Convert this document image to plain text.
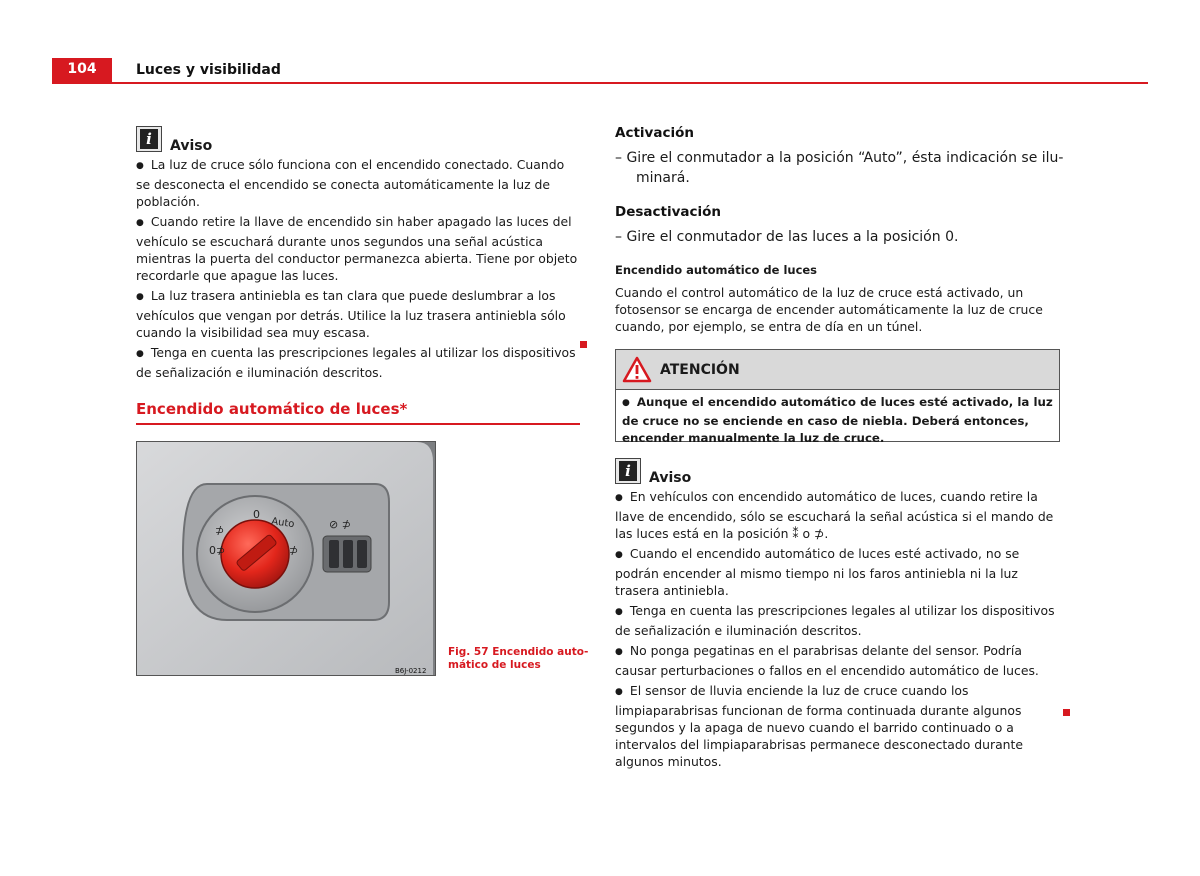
104	Luces y visibilidad
i	Aviso
● La luz de cruce sólo funciona con el encendido conectado. Cuando se desconecta el encendido se conecta automáticamente la luz de población.
● Cuando retire la llave de encendido sin haber apagado las luces del vehículo se escuchará durante unos segundos una señal acústica mientras la puerta del conductor permanezca abierta. Tiene por objeto recordarle que apague las luces.
● La luz trasera antiniebla es tan clara que puede deslumbrar a los vehículos que vengan por detrás. Utilice la luz trasera antiniebla sólo cuando la visibilidad sea muy escasa.
● Tenga en cuenta las prescripciones legales al utilizar los dispositivos de señalización e iluminación descritos.
Encendido automático de luces*
0
Auto
⊅
0⊅	⊅
⊘ ⊅
B6J-0212
Fig. 57 Encendido auto-
mático de luces
Activación
– Gire el conmutador a la posición “Auto”, ésta indicación se ilu-
minará.
Desactivación
– Gire el conmutador de las luces a la posición 0.
Encendido automático de luces
Cuando el control automático de la luz de cruce está activado, un fotosensor se encarga de encender automáticamente la luz de cruce cuando, por ejemplo, se entra de día en un túnel.
ATENCIÓN
● Aunque el encendido automático de luces esté activado, la luz de cruce no se enciende en caso de niebla. Deberá entonces, encender manualmente la luz de cruce.
i	Aviso
● En vehículos con encendido automático de luces, cuando retire la llave de encendido, sólo se escuchará la señal acústica si el mando de las luces está en la posición ⁑ o ⊅.
● Cuando el encendido automático de luces esté activado, no se podrán encender al mismo tiempo ni los faros antiniebla ni la luz trasera antiniebla.
● Tenga en cuenta las prescripciones legales al utilizar los dispositivos de señalización e iluminación descritos.
● No ponga pegatinas en el parabrisas delante del sensor. Podría causar perturbaciones o fallos en el encendido automático de luces.
● El sensor de lluvia enciende la luz de cruce cuando los limpiaparabrisas funcionan de forma continuada durante algunos segundos y la apaga de nuevo cuando el barrido continuado o a intervalos del limpiaparabrisas permanece desconectado durante algunos minutos.
